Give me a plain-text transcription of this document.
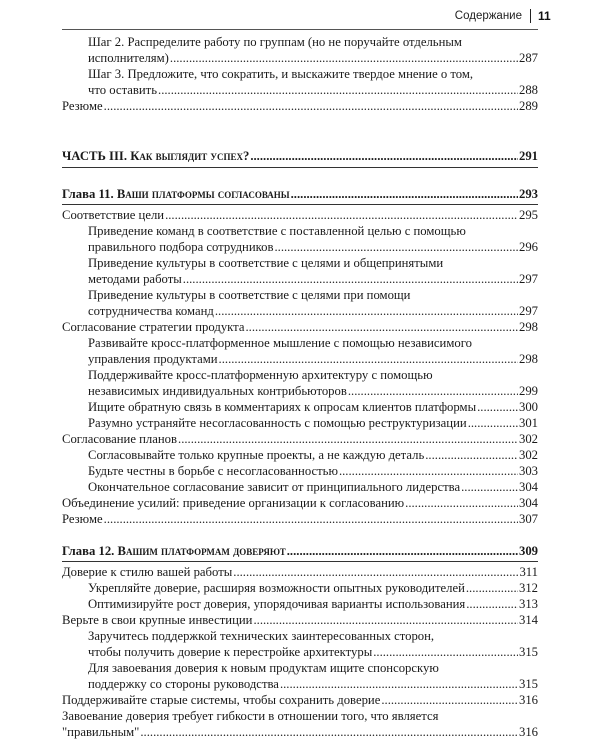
Содержание 11
Шаг 2. Распределите работу по группам (но не поручайте отдельным
исполнителям) .....	287
Шаг 3. Предложите, что сократить, и выскажите твердое мнение о том,
что оставить .....	288
Резюме .....	289
ЧАСТЬ III. Как выглядит успех? .....	291
Глава 11. Ваши платформы согласованы .....	293
Соответствие цели .....	295
Приведение команд в соответствие с поставленной целью с помощью
правильного подбора сотрудников .....	296
Приведение культуры в соответствие с целями и общепринятыми
методами работы .....	297
Приведение культуры в соответствие с целями при помощи
сотрудничества команд .....	297
Согласование стратегии продукта .....	298
Развивайте кросс-платформенное мышление с помощью независимого
управления продуктами .....	298
Поддерживайте кросс-платформенную архитектуру с помощью
независимых индивидуальных контрибьюторов .....	299
Ищите обратную связь в комментариях к опросам клиентов платформы .....	300
Разумно устраняйте несогласованность с помощью реструктуризации .....	301
Согласование планов .....	302
Согласовывайте только крупные проекты, а не каждую деталь .....	302
Будьте честны в борьбе с несогласованностью .....	303
Окончательное согласование зависит от принципиального лидерства .....	304
Объединение усилий: приведение организации к согласованию .....	304
Резюме .....	307
Глава 12. Вашим платформам доверяют .....	309
Доверие к стилю вашей работы .....	311
Укрепляйте доверие, расширяя возможности опытных руководителей .....	312
Оптимизируйте рост доверия, упорядочивая варианты использования .....	313
Верьте в свои крупные инвестиции .....	314
Заручитесь поддержкой технических заинтересованных сторон,
чтобы получить доверие к перестройке архитектуры .....	315
Для завоевания доверия к новым продуктам ищите спонсорскую
поддержку со стороны руководства .....	315
Поддерживайте старые системы, чтобы сохранить доверие .....	316
Завоевание доверия требует гибкости в отношении того, что является
"правильным" .....	316
